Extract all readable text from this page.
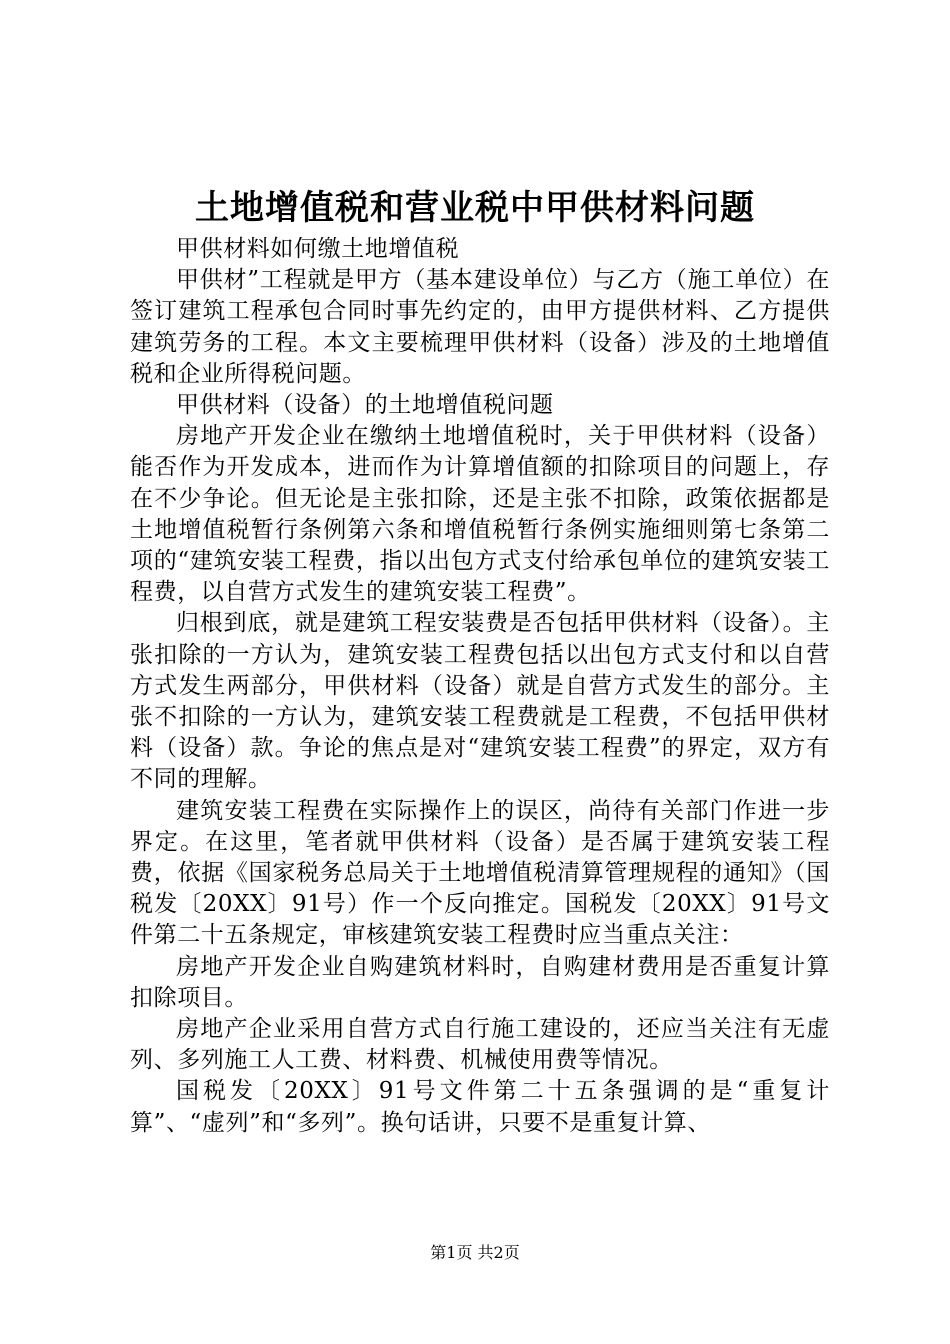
土地增值税和营业税中甲供材料问题

甲供材料如何缴土地增值税

甲供材”工程就是甲方（基本建设单位）与乙方（施工单位）在签订建筑工程承包合同时事先约定的，由甲方提供材料、乙方提供建筑劳务的工程。本文主要梳理甲供材料（设备）涉及的土地增值税和企业所得税问题。

甲供材料（设备）的土地增值税问题

房地产开发企业在缴纳土地增值税时，关于甲供材料（设备）能否作为开发成本，进而作为计算增值额的扣除项目的问题上，存在不少争论。但无论是主张扣除，还是主张不扣除，政策依据都是土地增值税暂行条例第六条和增值税暂行条例实施细则第七条第二项的“建筑安装工程费，指以出包方式支付给承包单位的建筑安装工程费，以自营方式发生的建筑安装工程费”。

归根到底，就是建筑工程安装费是否包括甲供材料（设备）。主张扣除的一方认为，建筑安装工程费包括以出包方式支付和以自营方式发生两部分，甲供材料（设备）就是自营方式发生的部分。主张不扣除的一方认为，建筑安装工程费就是工程费，不包括甲供材料（设备）款。争论的焦点是对“建筑安装工程费”的界定，双方有不同的理解。

建筑安装工程费在实际操作上的误区，尚待有关部门作进一步界定。在这里，笔者就甲供材料（设备）是否属于建筑安装工程费，依据《国家税务总局关于土地增值税清算管理规程的通知》（国税发〔20XX〕91号）作一个反向推定。国税发〔20XX〕91号文件第二十五条规定，审核建筑安装工程费时应当重点关注：

房地产开发企业自购建筑材料时，自购建材费用是否重复计算扣除项目。

房地产企业采用自营方式自行施工建设的，还应当关注有无虚列、多列施工人工费、材料费、机械使用费等情况。

国税发〔20XX〕91号文件第二十五条强调的是“重复计算”、“虚列”和“多列”。换句话讲，只要不是重复计算、

第1页 共2页
